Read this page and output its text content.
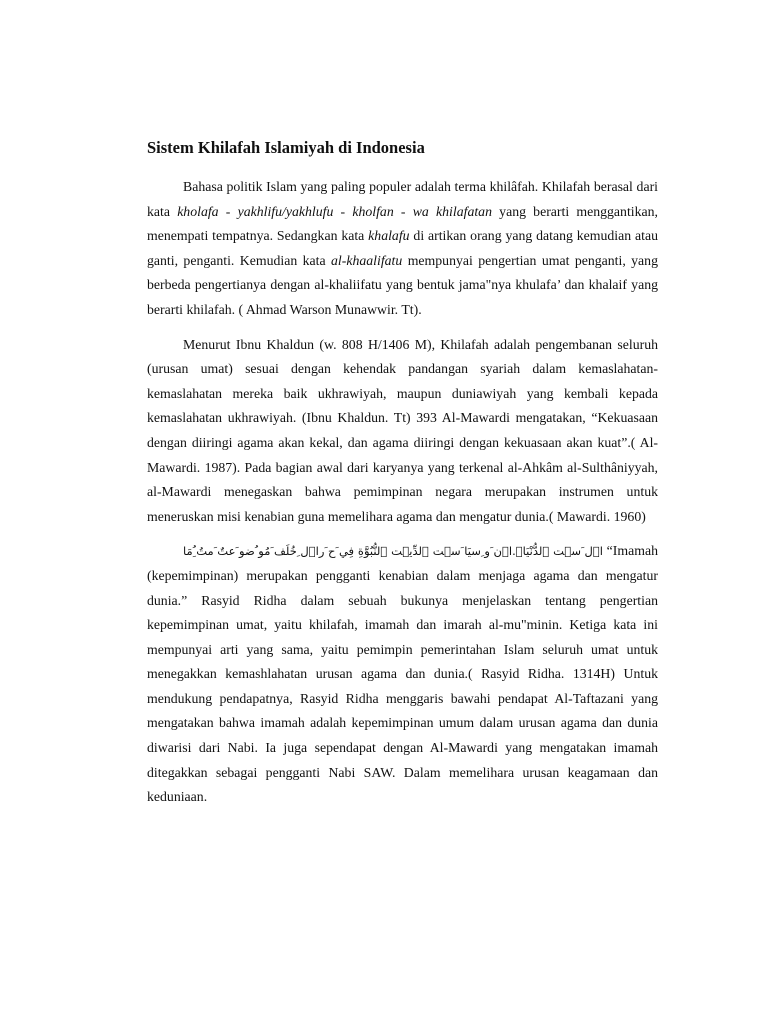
Sistem Khilafah Islamiyah di Indonesia

Bahasa politik Islam yang paling populer adalah terma khilâfah. Khilafah berasal dari kata kholafa - yakhlifu/yakhlufu - kholfan - wa khilafatan yang berarti menggantikan, menempati tempatnya. Sedangkan kata khalafu di artikan orang yang datang kemudian atau ganti, penganti. Kemudian kata al-khaalifatu mempunyai pengertian umat penganti, yang berbeda pengertianya dengan al-khaliifatu yang bentuk jama"nya khulafa’ dan khalaif yang berarti khilafah. ( Ahmad Warson Munawwir. Tt).

Menurut Ibnu Khaldun (w. 808 H/1406 M), Khilafah adalah pengembanan seluruh (urusan umat) sesuai dengan kehendak pandangan syariah dalam kemaslahatan-kemaslahatan mereka baik ukhrawiyah, maupun duniawiyah yang kembali kepada kemaslahatan ukhrawiyah. (Ibnu Khaldun. Tt) 393 Al-Mawardi mengatakan, “Kekuasaan dengan diiringi agama akan kekal, dan agama diiringi dengan kekuasaan akan kuat”.( Al-Mawardi. 1987). Pada bagian awal dari karyanya yang terkenal al-Ahkâm al-Sulthâniyyah, al-Mawardi menegaskan bahwa pemimpinan negara merupakan instrumen untuk meneruskan misi kenabian guna memelihara agama dan mengatur dunia.( Mawardi. 1960)

ا۟ل َس۟ت ٱلدُّنْيَا۟.ا۟ن َو ِسيَا َس۟ت ٱلدِّي۟ت ٱلنُّبُوَّةِ فِي َح َرا۟ل ِخُلَف َمُو ُضو َعتٌ َمتُ ُِمَا “Imamah (kepemimpinan) merupakan pengganti kenabian dalam menjaga agama dan mengatur dunia.” Rasyid Ridha dalam sebuah bukunya menjelaskan tentang pengertian kepemimpinan umat, yaitu khilafah, imamah dan imarah al-mu"minin. Ketiga kata ini mempunyai arti yang sama, yaitu pemimpin pemerintahan Islam seluruh umat untuk menegakkan kemashlahatan urusan agama dan dunia.( Rasyid Ridha. 1314H) Untuk mendukung pendapatnya, Rasyid Ridha menggaris bawahi pendapat Al-Taftazani yang mengatakan bahwa imamah adalah kepemimpinan umum dalam urusan agama dan dunia diwarisi dari Nabi. Ia juga sependapat dengan Al-Mawardi yang mengatakan imamah ditegakkan sebagai pengganti Nabi SAW. Dalam memelihara urusan keagamaan dan keduniaan.
